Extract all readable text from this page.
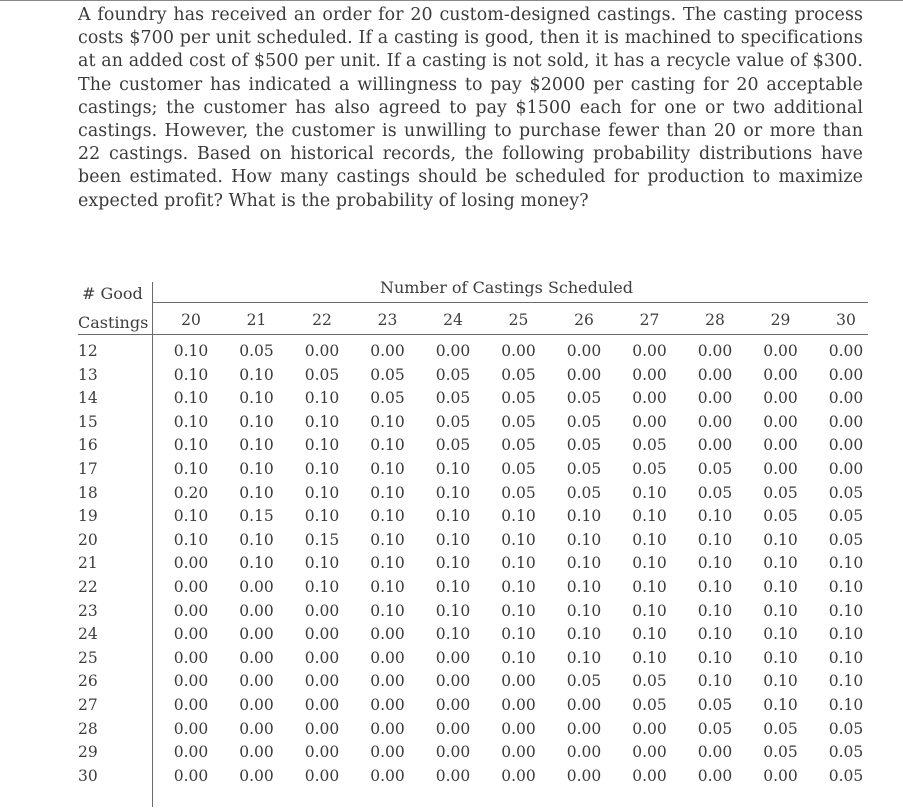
A foundry has received an order for 20 custom-designed castings. The casting process costs $700 per unit scheduled. If a casting is good, then it is machined to specifications at an added cost of $500 per unit. If a casting is not sold, it has a recycle value of $300. The customer has indicated a willingness to pay $2000 per casting for 20 acceptable castings; the customer has also agreed to pay $1500 each for one or two additional castings. However, the customer is unwilling to purchase fewer than 20 or more than 22 castings. Based on historical records, the following probability distributions have been estimated. How many castings should be scheduled for production to maximize expected profit? What is the probability of losing money?

# Good
Castings
Number of Castings Scheduled
20	21	22	23	24	25	26	27	28	29	30
12	0.10	0.05	0.00	0.00	0.00	0.00	0.00	0.00	0.00	0.00	0.00
13	0.10	0.10	0.05	0.05	0.05	0.05	0.00	0.00	0.00	0.00	0.00
14	0.10	0.10	0.10	0.05	0.05	0.05	0.05	0.00	0.00	0.00	0.00
15	0.10	0.10	0.10	0.10	0.05	0.05	0.05	0.00	0.00	0.00	0.00
16	0.10	0.10	0.10	0.10	0.05	0.05	0.05	0.05	0.00	0.00	0.00
17	0.10	0.10	0.10	0.10	0.10	0.05	0.05	0.05	0.05	0.00	0.00
18	0.20	0.10	0.10	0.10	0.10	0.05	0.05	0.10	0.05	0.05	0.05
19	0.10	0.15	0.10	0.10	0.10	0.10	0.10	0.10	0.10	0.05	0.05
20	0.10	0.10	0.15	0.10	0.10	0.10	0.10	0.10	0.10	0.10	0.05
21	0.00	0.10	0.10	0.10	0.10	0.10	0.10	0.10	0.10	0.10	0.10
22	0.00	0.00	0.10	0.10	0.10	0.10	0.10	0.10	0.10	0.10	0.10
23	0.00	0.00	0.00	0.10	0.10	0.10	0.10	0.10	0.10	0.10	0.10
24	0.00	0.00	0.00	0.00	0.10	0.10	0.10	0.10	0.10	0.10	0.10
25	0.00	0.00	0.00	0.00	0.00	0.10	0.10	0.10	0.10	0.10	0.10
26	0.00	0.00	0.00	0.00	0.00	0.00	0.05	0.05	0.10	0.10	0.10
27	0.00	0.00	0.00	0.00	0.00	0.00	0.00	0.05	0.05	0.10	0.10
28	0.00	0.00	0.00	0.00	0.00	0.00	0.00	0.00	0.05	0.05	0.05
29	0.00	0.00	0.00	0.00	0.00	0.00	0.00	0.00	0.00	0.05	0.05
30	0.00	0.00	0.00	0.00	0.00	0.00	0.00	0.00	0.00	0.00	0.05
